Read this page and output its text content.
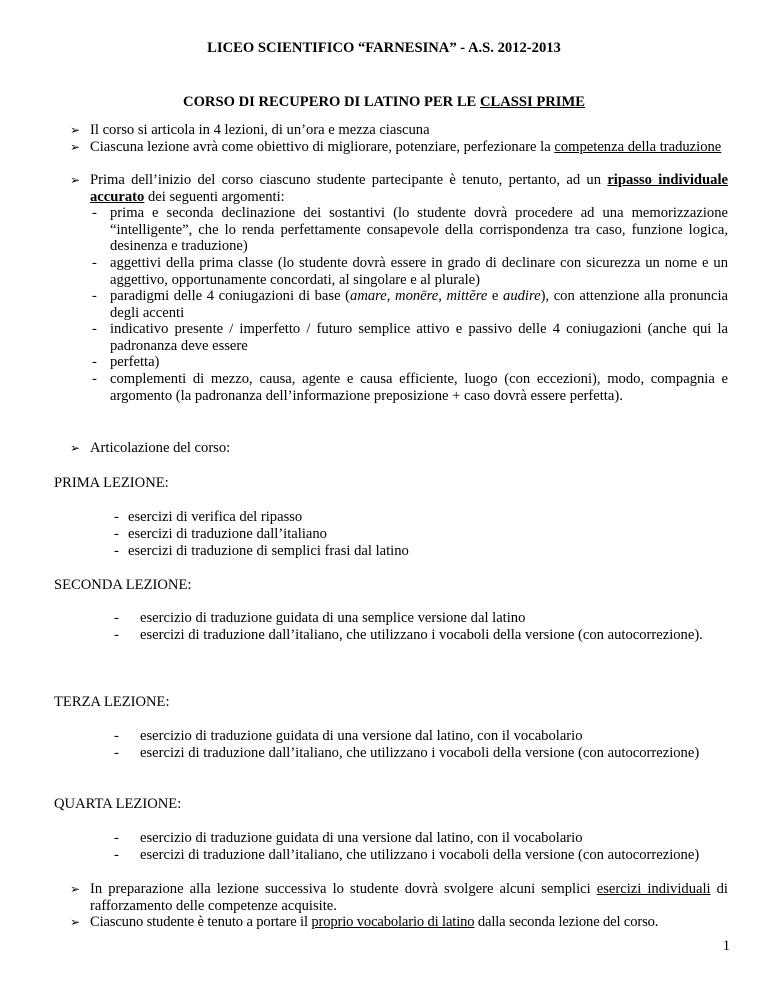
LICEO SCIENTIFICO “FARNESINA” - A.S. 2012-2013
CORSO DI RECUPERO DI LATINO PER LE CLASSI PRIME
➢ Il corso si articola in 4 lezioni, di un’ora e mezza ciascuna
➢ Ciascuna lezione avrà come obiettivo di migliorare, potenziare, perfezionare la competenza della traduzione
➢ Prima dell’inizio del corso ciascuno studente partecipante è tenuto, pertanto, ad un ripasso individuale accurato dei seguenti argomenti:
- prima e seconda declinazione dei sostantivi (lo studente dovrà procedere ad una memorizzazione “intelligente”, che lo renda perfettamente consapevole della corrispondenza tra caso, funzione logica, desinenza e traduzione)
- aggettivi della prima classe (lo studente dovrà essere in grado di declinare con sicurezza un nome e un aggettivo, opportunamente concordati, al singolare e al plurale)
- paradigmi delle 4 coniugazioni di base (amare, monēre, mittĕre e audire), con attenzione alla pronuncia degli accenti
- indicativo presente / imperfetto / futuro semplice attivo e passivo delle 4 coniugazioni (anche qui la padronanza deve essere
- perfetta)
- complementi di mezzo, causa, agente e causa efficiente, luogo (con eccezioni), modo, compagnia e argomento (la padronanza dell’informazione preposizione + caso dovrà essere perfetta).
➢ Articolazione del corso:
PRIMA LEZIONE:
- esercizi di verifica del ripasso
- esercizi di traduzione dall’italiano
- esercizi di traduzione di semplici frasi dal latino
SECONDA LEZIONE:
- esercizio di traduzione guidata di una semplice versione dal latino
- esercizi di traduzione dall’italiano, che utilizzano i vocaboli della versione (con autocorrezione).
TERZA LEZIONE:
- esercizio di traduzione guidata di una versione dal latino, con il vocabolario
- esercizi di traduzione dall’italiano, che utilizzano i vocaboli della versione (con autocorrezione)
QUARTA LEZIONE:
- esercizio di traduzione guidata di una versione dal latino, con il vocabolario
- esercizi di traduzione dall’italiano, che utilizzano i vocaboli della versione (con autocorrezione)
➢ In preparazione alla lezione successiva lo studente dovrà svolgere alcuni semplici esercizi individuali di rafforzamento delle competenze acquisite.
➢ Ciascuno studente è tenuto a portare il proprio vocabolario di latino dalla seconda lezione del corso.
1
